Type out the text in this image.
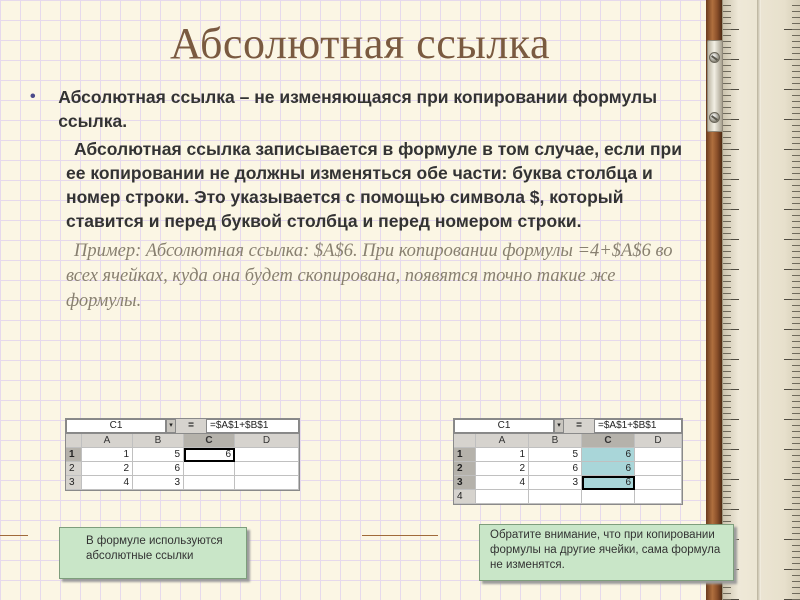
Абсолютная ссылка
•	Абсолютная ссылка – не изменяющаяся при копировании формулы ссылка.
Абсолютная ссылка записывается в формуле в том случае, если при ее копировании не должны изменяться обе части: буква столбца и номер строки. Это указывается с помощью символа $, который ставится и перед буквой столбца и перед номером строки.
Пример: Абсолютная ссылка: $A$6. При копировании формулы =4+$A$6 во всех ячейках, куда она будет скопирована, появятся точно такие же формулы.
C1	▾	=	=$A$1+$B$1
A	B	C	D
1	1	5	6
2	2	6
3	4	3
C1	▾	=	=$A$1+$B$1
A	B	C	D
1	1	5	6
2	2	6	6
3	4	3	6
4
В формуле используются абсолютные ссылки
Обратите внимание, что при копировании формулы на другие ячейки, сама формула не изменятся.
